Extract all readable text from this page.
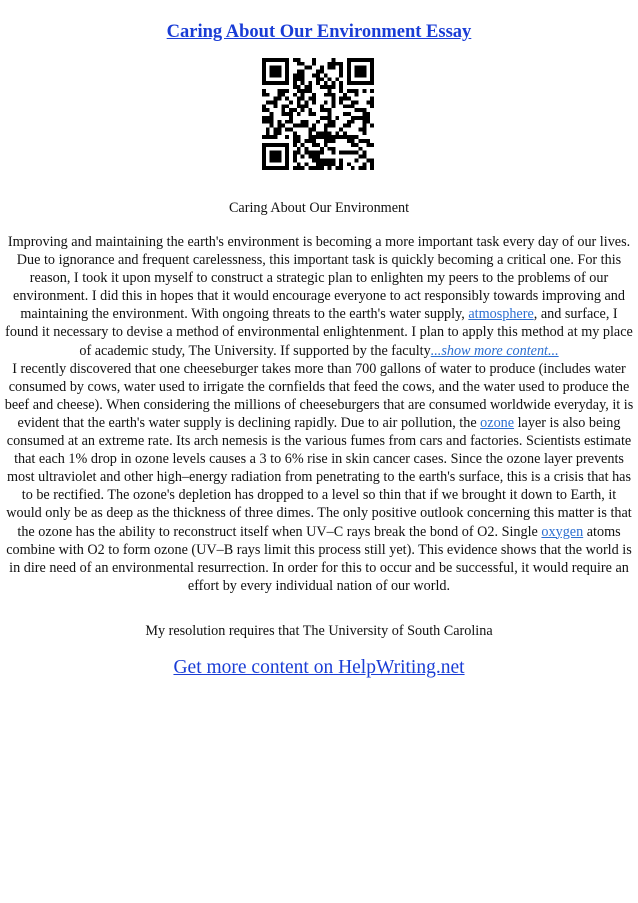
Caring About Our Environment Essay
Caring About Our Environment

Improving and maintaining the earth's environment is becoming a more important task every day of our lives. Due to ignorance and frequent carelessness, this important task is quickly becoming a critical one. For this reason, I took it upon myself to construct a strategic plan to enlighten my peers to the problems of our environment. I did this in hopes that it would encourage everyone to act responsibly towards improving and maintaining the environment. With ongoing threats to the earth's water supply, atmosphere, and surface, I found it necessary to devise a method of environmental enlightenment. I plan to apply this method at my place of academic study, The University. If supported by the faculty...show more content...

I recently discovered that one cheeseburger takes more than 700 gallons of water to produce (includes water consumed by cows, water used to irrigate the cornfields that feed the cows, and the water used to produce the beef and cheese). When considering the millions of cheeseburgers that are consumed worldwide everyday, it is evident that the earth's water supply is declining rapidly. Due to air pollution, the ozone layer is also being consumed at an extreme rate. Its arch nemesis is the various fumes from cars and factories. Scientists estimate that each 1% drop in ozone levels causes a 3 to 6% rise in skin cancer cases. Since the ozone layer prevents most ultraviolet and other high–energy radiation from penetrating to the earth's surface, this is a crisis that has to be rectified. The ozone's depletion has dropped to a level so thin that if we brought it down to Earth, it would only be as deep as the thickness of three dimes. The only positive outlook concerning this matter is that the ozone has the ability to reconstruct itself when UV–C rays break the bond of O2. Single oxygen atoms combine with O2 to form ozone (UV–B rays limit this process still yet). This evidence shows that the world is in dire need of an environmental resurrection. In order for this to occur and be successful, it would require an effort by every individual nation of our world.

My resolution requires that The University of South Carolina
Get more content on HelpWriting.net
